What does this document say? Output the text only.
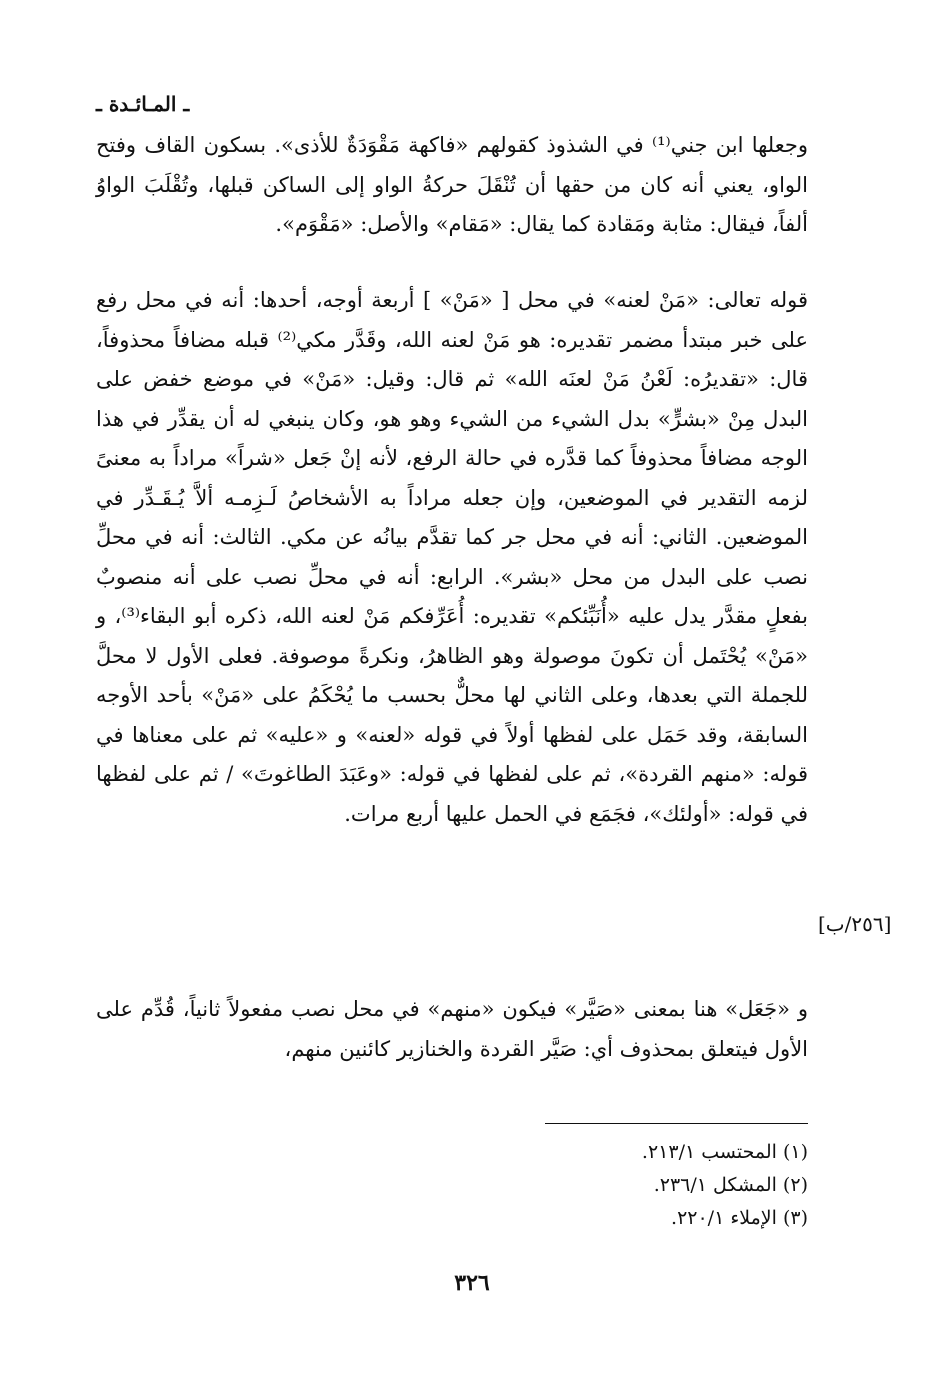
ـ المـائـدة ـ

وجعلها ابن جني⁽¹⁾ في الشذوذ كقولهم «فاكهة مَقْوَدَةٌ للأذى». بسكون القاف وفتح الواو، يعني أنه كان من حقها أن تُنْقَلَ حركةُ الواو إلى الساكن قبلها، وتُقْلَبَ الواوُ ألفاً، فيقال: مثابة ومَقادة كما يقال: «مَقام» والأصل: «مَقْوَم».

قوله تعالى: «مَنْ لعنه» في محل [ «مَنْ» ] أربعة أوجه، أحدها: أنه في محل رفع على خبر مبتدأ مضمر تقديره: هو مَنْ لعنه الله، وقَدَّر مكي⁽²⁾ قبله مضافاً محذوفاً، قال: «تقديرُه: لَعْنُ مَنْ لعنَه الله» ثم قال: وقيل: «مَنْ» في موضع خفض على البدل مِنْ «بشرٍّ» بدل الشيء من الشيء وهو هو، وكان ينبغي له أن يقدِّر في هذا الوجه مضافاً محذوفاً كما قدَّره في حالة الرفع، لأنه إنْ جَعل «شراً» مراداً به معنىً لزمه التقدير في الموضعين، وإن جعله مراداً به الأشخاصُ لَـزِمـه ألاَّ يُـقَـدِّر في الموضعين. الثاني: أنه في محل جر كما تقدَّم بيانُه عن مكي. الثالث: أنه في محلِّ نصب على البدل من محل «بشر». الرابع: أنه في محلِّ نصب على أنه منصوبٌ بفعلٍ مقدَّر يدل عليه «أُنَبِّئكم» تقديره: أُعَرِّفكم مَنْ لعنه الله، ذكره أبو البقاء⁽³⁾، و «مَنْ» يُحْتَمل أن تكونَ موصولة وهو الظاهرُ، ونكرةً موصوفة. فعلى الأول لا محلَّ للجملة التي بعدها، وعلى الثاني لها محلٌّ بحسب ما يُحْكَمُ على «مَنْ» بأحد الأوجه السابقة، وقد حَمَل على لفظها أولاً في قوله «لعنه» و «عليه» ثم على معناها في قوله: «منهم القردة»، ثم على لفظها في قوله: «وعَبَدَ الطاغوتَ» / ثم على لفظها في قوله: «أولئك»، فجَمَع في الحمل عليها أربع مرات.

و «جَعَل» هنا بمعنى «صَيَّر» فيكون «منهم» في محل نصب مفعولاً ثانياً، قُدِّم على الأول فيتعلق بمحذوف أي: صَيَّر القردة والخنازير كائنين منهم،

[٢٥٦/ب]
(١) المحتسب ٢١٣/١.
(٢) المشكل ٢٣٦/١.
(٣) الإملاء ٢٢٠/١.
٣٢٦
